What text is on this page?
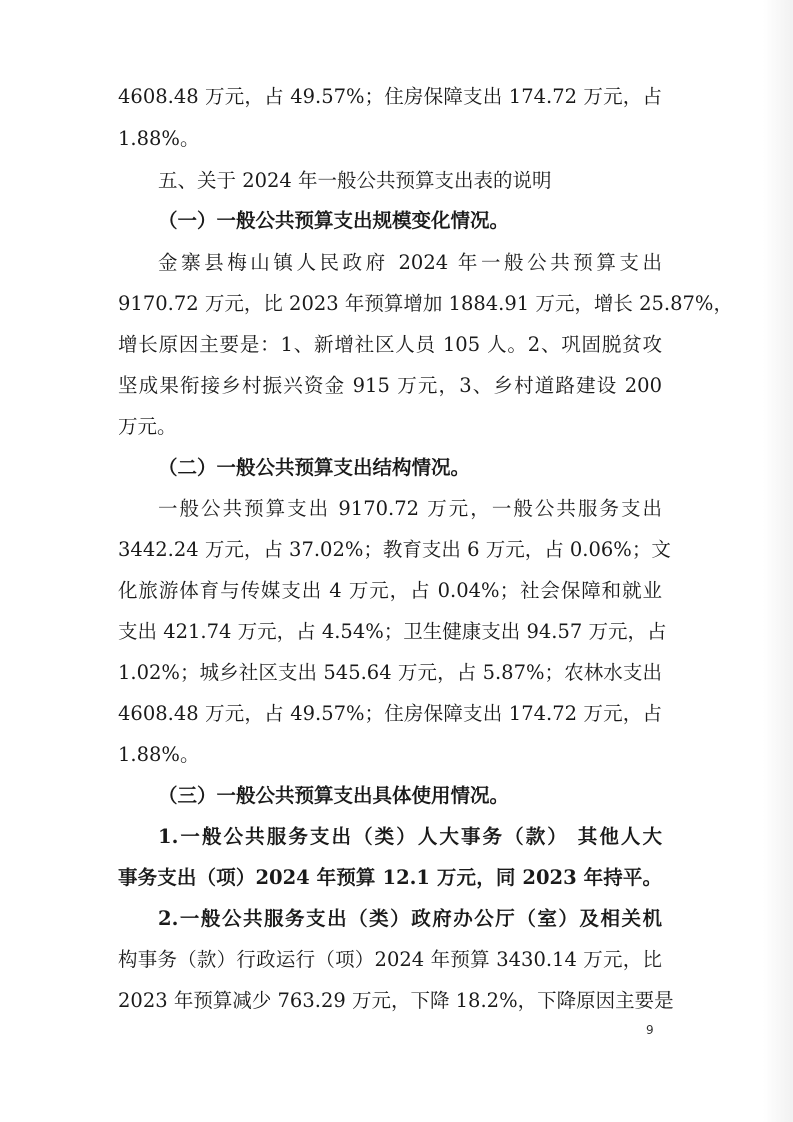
4608.48 万元，占 49.57%；住房保障支出 174.72 万元，占
1.88%。
五、关于 2024 年一般公共预算支出表的说明
（一）一般公共预算支出规模变化情况。
金寨县梅山镇人民政府 2024 年一般公共预算支出
9170.72 万元，比 2023 年预算增加 1884.91 万元，增长 25.87%，
增长原因主要是：1、新增社区人员 105 人。2、巩固脱贫攻
坚成果衔接乡村振兴资金 915 万元，3、乡村道路建设 200
万元。
（二）一般公共预算支出结构情况。
一般公共预算支出 9170.72 万元，一般公共服务支出
3442.24 万元，占 37.02%；教育支出 6 万元，占 0.06%；文
化旅游体育与传媒支出 4 万元，占 0.04%；社会保障和就业
支出 421.74 万元，占 4.54%；卫生健康支出 94.57 万元，占
1.02%；城乡社区支出 545.64 万元，占 5.87%；农林水支出
4608.48 万元，占 49.57%；住房保障支出 174.72 万元，占
1.88%。
（三）一般公共预算支出具体使用情况。
1.一般公共服务支出（类）人大事务（款） 其他人大
事务支出（项）2024 年预算 12.1 万元，同 2023 年持平。
2.一般公共服务支出（类）政府办公厅（室）及相关机
构事务（款）行政运行（项）2024 年预算 3430.14 万元，比
2023 年预算减少 763.29 万元，下降 18.2%，下降原因主要是
9
